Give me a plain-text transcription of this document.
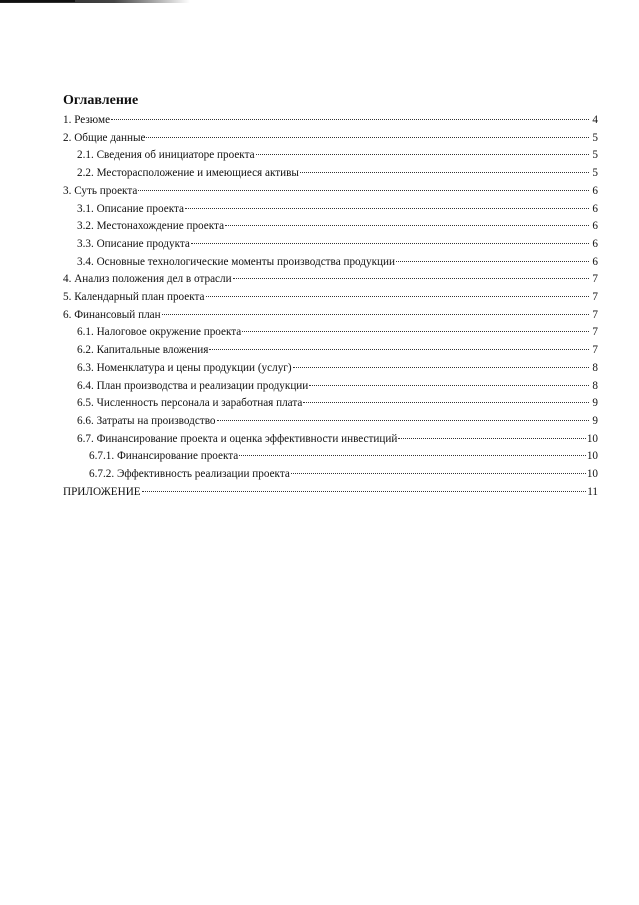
Оглавление
1. Резюме	4
2. Общие данные	5
2.1. Сведения об инициаторе проекта	5
2.2. Месторасположение и имеющиеся активы	5
3. Суть проекта	6
3.1. Описание проекта	6
3.2. Местонахождение проекта	6
3.3. Описание продукта	6
3.4. Основные технологические моменты производства продукции	6
4. Анализ положения дел в отрасли	7
5. Календарный план проекта	7
6. Финансовый план	7
6.1. Налоговое окружение проекта	7
6.2. Капитальные вложения	7
6.3. Номенклатура и цены продукции (услуг)	8
6.4. План производства и реализации продукции	8
6.5. Численность персонала и заработная плата	9
6.6. Затраты на производство	9
6.7. Финансирование проекта и оценка эффективности инвестиций	10
6.7.1. Финансирование проекта	10
6.7.2. Эффективность реализации проекта	10
ПРИЛОЖЕНИЕ	11
